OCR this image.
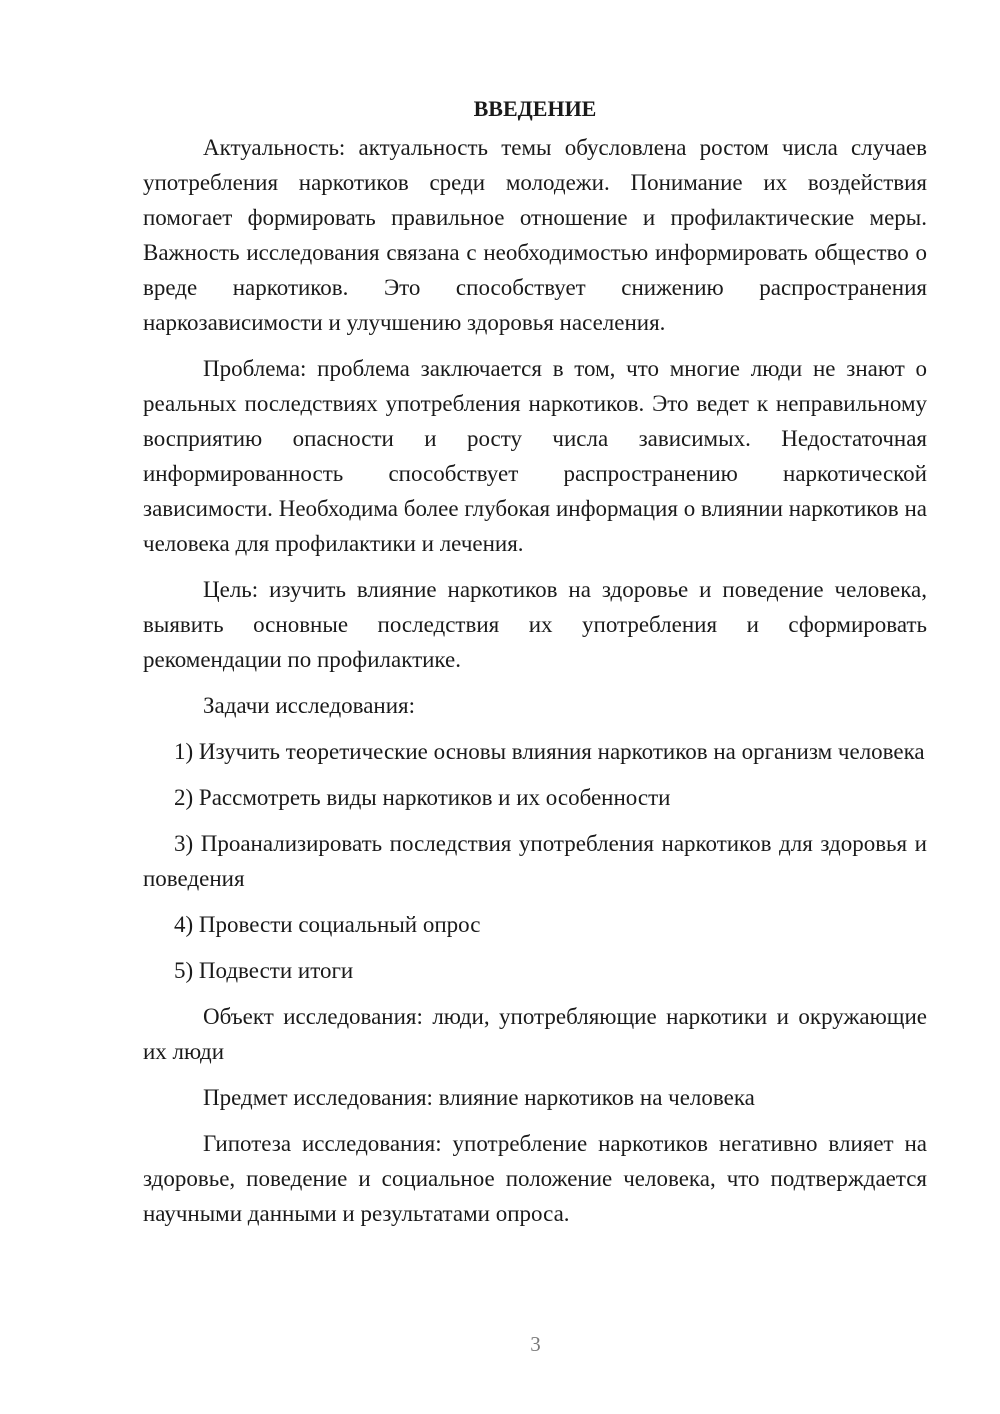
ВВЕДЕНИЕ

Актуальность: актуальность темы обусловлена ростом числа случаев употребления наркотиков среди молодежи. Понимание их воздействия помогает формировать правильное отношение и профилактические меры. Важность исследования связана с необходимостью информировать общество о вреде наркотиков. Это способствует снижению распространения наркозависимости и улучшению здоровья населения.

Проблема: проблема заключается в том, что многие люди не знают о реальных последствиях употребления наркотиков. Это ведет к неправильному восприятию опасности и росту числа зависимых. Недостаточная информированность способствует распространению наркотической зависимости. Необходима более глубокая информация о влиянии наркотиков на человека для профилактики и лечения.

Цель: изучить влияние наркотиков на здоровье и поведение человека, выявить основные последствия их употребления и сформировать рекомендации по профилактике.

Задачи исследования:

1) Изучить теоретические основы влияния наркотиков на организм человека

2) Рассмотреть виды наркотиков и их особенности

3) Проанализировать последствия употребления наркотиков для здоровья и поведения

4) Провести социальный опрос

5) Подвести итоги

Объект исследования: люди, употребляющие наркотики и окружающие их люди

Предмет исследования: влияние наркотиков на человека

Гипотеза исследования: употребление наркотиков негативно влияет на здоровье, поведение и социальное положение человека, что подтверждается научными данными и результатами опроса.

3
